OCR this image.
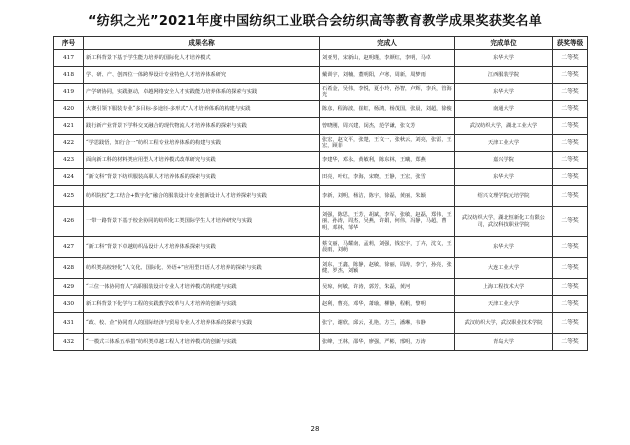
“纺织之光”2021年度中国纺织工业联合会纺织高等教育教学成果奖获奖名单
序号	成果名称	完成人	完成单位	获奖等级
417	新工科背景下基于学生能力培养的国际化人才培养模式	刘亚男，宋新山，赵明瑾，李颜红，李明，马卓	东华大学	二等奖
418	学、研、产、创四位一体跨界设计专业特色人才培养体系研究	戴训宇，刘楠，董明阳，卢寒，周新，周梦雨	江西服装学院	二等奖
419	产学研协同，实践驱动，卓越网络安全人才实践能力培养体系的探索与实践	石希金，吴伟，李悦，夏小玲，孙智，卢辉，李兵，管海光	东华大学	二等奖
420	大赛引领下服装专业“多目标-多途径-多形式”人才培养体系的构建与实践	陈彦，程海波，崔虹，杨鸿，杨茂国，张晨，刘超，徐俊	南通大学	二等奖
421	践行新产业背景下学科交叉融合的现代物流人才培养体系的探索与实践	曾晓刚，周兴建，闵杰，范学谦，张文芳	武汉纺织大学，湖北工业大学	二等奖
422	“学思践悟，知行合一”纺织工程专业培养体系的构建与实践	张宏，赵文平，张楚，王文一，张秋云，刘亮，张雷，王宏，顾菲	天津工业大学	二等奖
423	面向新工科的材料类应用型人才培养模式改革研究与实践	李建华，邓永，黄敏利，陈东林，王曦，郑燕	嘉兴学院	二等奖
424	“新文科”背景下纺织服装高职人才培养体系的探索与实践	田亮，叶红，李海，宋晓，王静，王宏，张雪	东华大学	二等奖
425	纺织院校“艺工结合+数字化”融合的服装设计专业创新设计人才培养探索与实践	李新，刘明，杨洁，陈宇，徐磊，黄丽，朱颖	绍兴文理学院元培学院	二等奖
426	一带一路背景下基于校企协同的纺织化工类国际学生人才培养研究与实践	刘强，陈思，王芳，胡斌，李军，张敏，赵磊，郑伟，王丽，孙涛，周杰，吴燕，许娟，何伟，冯静，马超，曹明，邓林，邹华	武汉纺织大学，湖北恒新化工有限公司，武汉科技职业学院	二等奖
427	“新工科”背景下卓越纺织品设计人才培养体系探索与实践	蔡文丽，马耀南，孟莉，刘强，钱宏宇，丁卉，沈文，王晨雨，刘萌	东华大学	二等奖
428	纺织类高校轻化“人文化、国际化、外语+”应用型日语人才培养的探索与实践	刘东，王鑫，陈静，赵敏，徐丽，周涛，李宁，孙亮，张健，罗杰，刘颖	大连工业大学	二等奖
429	“三位一体协同育人”高职服装设计专业人才培养模式的构建与实践	吴琼，何敏，许涛，郭芳，朱磊，黄河	上海工程技术大学	二等奖
430	新工科背景下化学与工程的实践教学改革与人才培养的创新与实践	赵利，曹亮，邓华，萧瑜，柳静，程帆，黎明	天津工业大学	二等奖
431	“政、校、企”协同育人的国际经济与贸易专业人才培养体系的探索与实践	张宁，谢欣，邱云，孔艳，方兰，潘琳，韦静	武汉纺织大学，武汉职业技术学院	二等奖
432	“一模式三体系五举措”纺织类卓越工程人才培养模式的创新与实践	张峰，王林，邵华，廖强，严彬，邢明，万涛	青岛大学	二等奖
28
